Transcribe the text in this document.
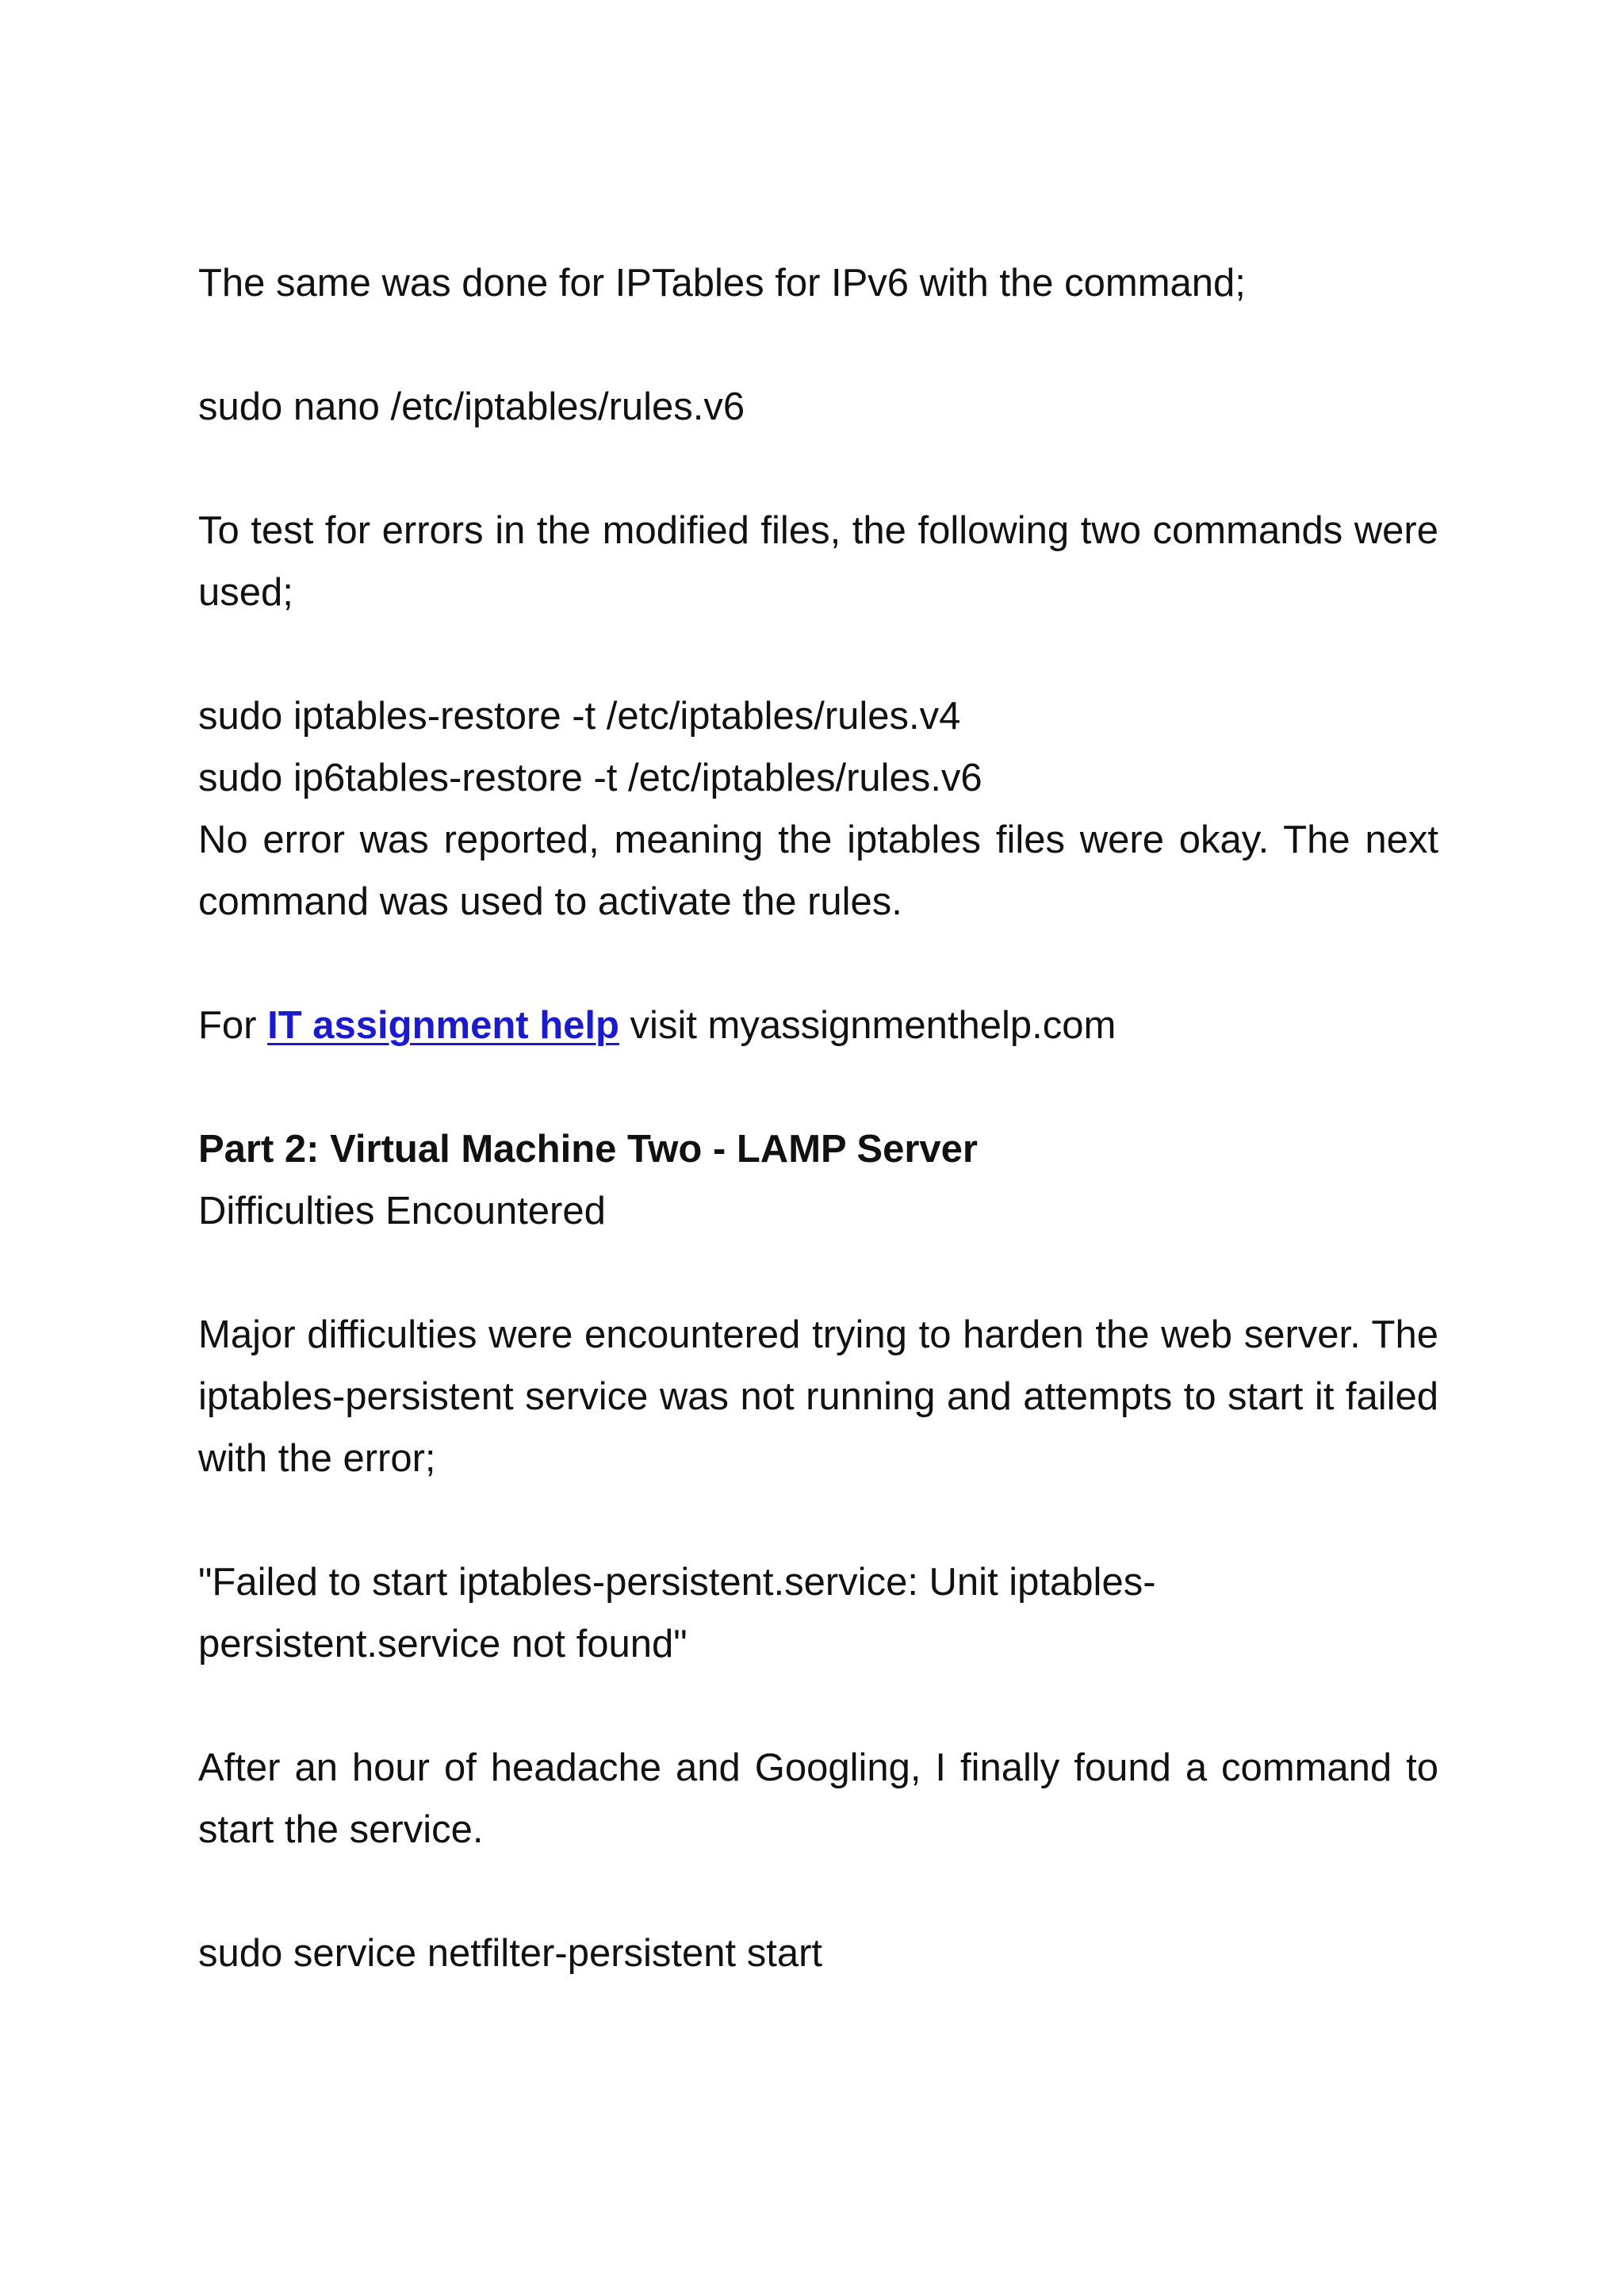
The same was done for IPTables for IPv6 with the command;

sudo nano /etc/iptables/rules.v6

To test for errors in the modified files, the following two commands were used;

sudo iptables-restore -t /etc/iptables/rules.v4

sudo ip6tables-restore -t /etc/iptables/rules.v6

No error was reported, meaning the iptables files were okay. The next command was used to activate the rules.

For IT assignment help visit myassignmenthelp.com

Part 2: Virtual Machine Two - LAMP Server

Difficulties Encountered

Major difficulties were encountered trying to harden the web server. The iptables-persistent service was not running and attempts to start it failed with the error;

"Failed to start iptables-persistent.service: Unit iptables-

persistent.service not found"

After an hour of headache and Googling, I finally found a command to start the service.

sudo service netfilter-persistent start
